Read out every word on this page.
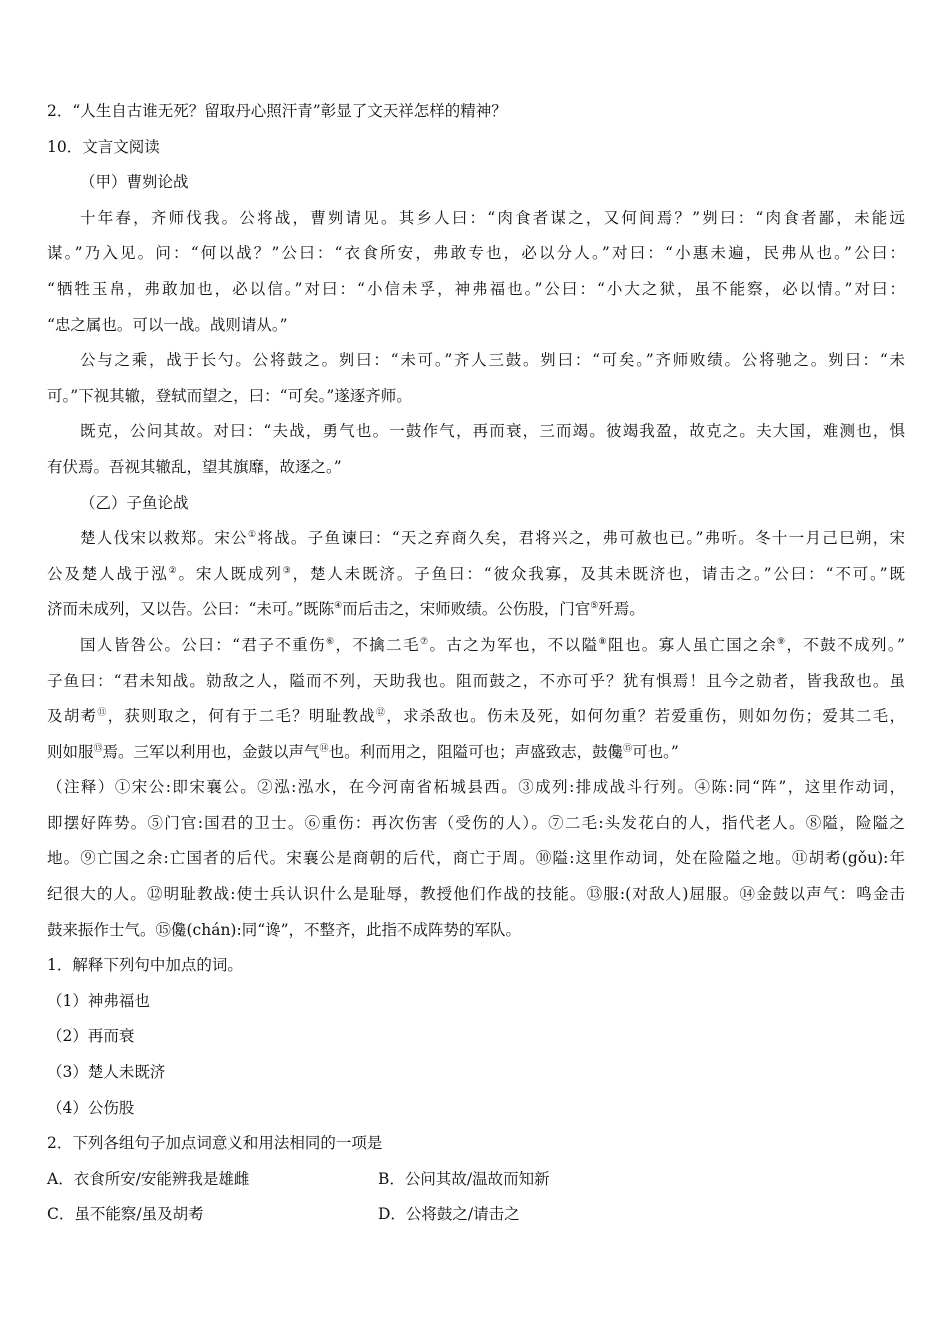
2．“人生自古谁无死？留取丹心照汗青”彰显了文天祥怎样的精神？
10．文言文阅读
（甲）曹刿论战
十年春，齐师伐我。公将战，曹刿请见。其乡人曰：“肉食者谋之，又何间焉？”刿曰：“肉食者鄙，未能远
谋。”乃入见。问：“何以战？”公曰：“衣食所安，弗敢专也，必以分人。”对曰：“小惠未遍，民弗从也。”公曰：
“牺牲玉帛，弗敢加也，必以信。”对曰：“小信未孚，神弗福也。”公曰：“小大之狱，虽不能察，必以情。”对曰：
“忠之属也。可以一战。战则请从。”
公与之乘，战于长勺。公将鼓之。刿曰：“未可。”齐人三鼓。刿曰：“可矣。”齐师败绩。公将驰之。刿曰：“未
可。”下视其辙，登轼而望之，曰：“可矣。”遂逐齐师。
既克，公问其故。对曰：“夫战，勇气也。一鼓作气，再而衰，三而竭。彼竭我盈，故克之。夫大国，难测也，惧
有伏焉。吾视其辙乱，望其旗靡，故逐之。”
（乙）子鱼论战
楚人伐宋以救郑。宋公①将战。子鱼谏曰：“天之弃商久矣，君将兴之，弗可赦也已。”弗听。冬十一月己巳朔，宋
公及楚人战于泓②。宋人既成列③，楚人未既济。子鱼曰：“彼众我寡，及其未既济也，请击之。”公曰：“不可。”既
济而未成列，又以告。公曰：“未可。”既陈④而后击之，宋师败绩。公伤股，门官⑤歼焉。
国人皆咎公。公曰：“君子不重伤⑥，不擒二毛⑦。古之为军也，不以隘⑧阻也。寡人虽亡国之余⑨，不鼓不成列。”
子鱼曰：“君未知战。勍敌之人，隘而不列，天助我也。阻而鼓之，不亦可乎？犹有惧焉！且今之勍者，皆我敌也。虽
及胡耇⑪，获则取之，何有于二毛？明耻教战⑫，求杀敌也。伤未及死，如何勿重？若爱重伤，则如勿伤；爱其二毛，
则如服⑬焉。三军以利用也，金鼓以声气⑭也。利而用之，阻隘可也；声盛致志，鼓儳⑮可也。”
（注释）①宋公:即宋襄公。②泓:泓水，在今河南省柘城县西。③成列:排成战斗行列。④陈:同“阵”，这里作动词，
即摆好阵势。⑤门官:国君的卫士。⑥重伤：再次伤害（受伤的人）。⑦二毛:头发花白的人，指代老人。⑧隘，险隘之
地。⑨亡国之余:亡国者的后代。宋襄公是商朝的后代，商亡于周。⑩隘:这里作动词，处在险隘之地。⑪胡耇(gǒu):年
纪很大的人。⑫明耻教战:使士兵认识什么是耻辱，教授他们作战的技能。⑬服:(对敌人)屈服。⑭金鼓以声气：鸣金击
鼓来振作士气。⑮儳(chán):同“谗”，不整齐，此指不成阵势的军队。
1．解释下列句中加点的词。
（1）神弗福也
（2）再而衰
（3）楚人未既济
（4）公伤股
2．下列各组句子加点词意义和用法相同的一项是
A．衣食所安/安能辨我是雄雌	B．公问其故/温故而知新
C．虽不能察/虽及胡耇	D．公将鼓之/请击之
